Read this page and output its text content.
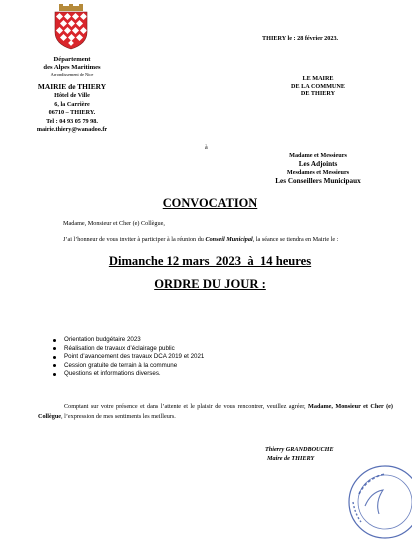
Département
des Alpes Maritimes
Arrondissement de Nice
MAIRIE de THIERY
Hôtel de Ville
6, la Carrière
06710 – THIERY.
Tel : 04 93 05 79 98.
mairie.thiery@wanadoo.fr
THIERY le : 28 février 2023.
LE MAIRE
DE LA COMMUNE
DE THIERY
à
Madame et Messieurs
Les Adjoints
Mesdames et Messieurs
Les Conseillers Municipaux
CONVOCATION
Madame, Monsieur et Cher (e) Collègue,
J’ai l’honneur de vous inviter à participer à la réunion du Conseil Municipal, la séance se tiendra en Mairie le :
Dimanche 12 mars  2023  à  14 heures
ORDRE DU JOUR :
Orientation budgétaire 2023
Réalisation de travaux d’éclairage public
Point d’avancement des travaux DCA 2019 et 2021
Cession gratuite de terrain à la commune
Questions et informations diverses.
Comptant sur votre présence et dans l’attente et le plaisir de vous rencontrer, veuillez agréer, Madame, Monsieur et Cher (e) Collègue, l’expression de mes sentiments les meilleurs.
Thierry GRANDBOUCHE
Maire de THIERY
